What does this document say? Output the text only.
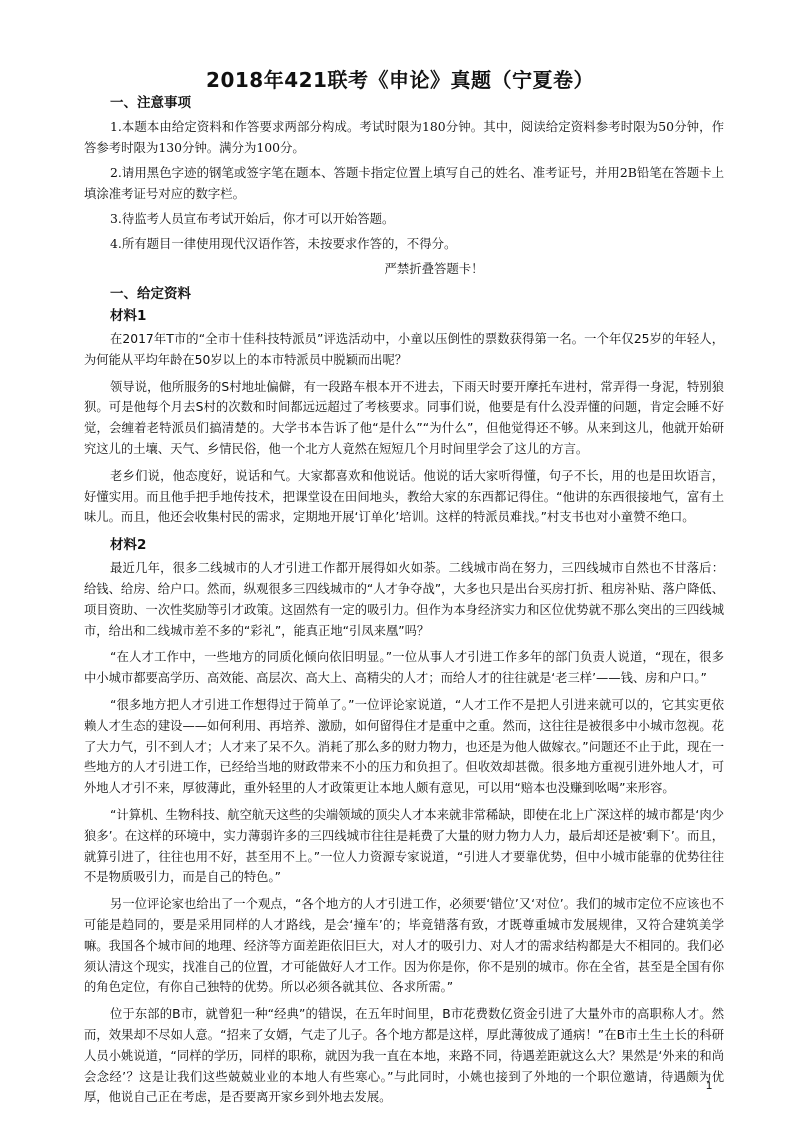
2018年421联考《申论》真题（宁夏卷）
一、注意事项

1.本题本由给定资料和作答要求两部分构成。考试时限为180分钟。其中，阅读给定资料参考时限为50分钟，作答参考时限为130分钟。满分为100分。

2.请用黑色字迹的钢笔或签字笔在题本、答题卡指定位置上填写自己的姓名、准考证号，并用2B铅笔在答题卡上填涂准考证号对应的数字栏。

3.待监考人员宣布考试开始后，你才可以开始答题。

4.所有题目一律使用现代汉语作答，未按要求作答的，不得分。

严禁折叠答题卡！

一、给定资料
材料1

在2017年T市的“全市十佳科技特派员”评选活动中，小童以压倒性的票数获得第一名。一个年仅25岁的年轻人，为何能从平均年龄在50岁以上的本市特派员中脱颖而出呢？

领导说，他所服务的S村地址偏僻，有一段路车根本开不进去，下雨天时要开摩托车进村，常弄得一身泥，特别狼狈。可是他每个月去S村的次数和时间都远远超过了考核要求。同事们说，他要是有什么没弄懂的问题，肯定会睡不好觉，会缠着老特派员们搞清楚的。大学书本告诉了他“是什么”“为什么”，但他觉得还不够。从来到这儿，他就开始研究这儿的土壤、天气、乡情民俗，他一个北方人竟然在短短几个月时间里学会了这儿的方言。

老乡们说，他态度好，说话和气。大家都喜欢和他说话。他说的话大家听得懂，句子不长，用的也是田坎语言，好懂实用。而且他手把手地传技术，把课堂设在田间地头，教给大家的东西都记得住。“他讲的东西很接地气，富有土味儿。而且，他还会收集村民的需求，定期地开展‘订单化’培训。这样的特派员难找。”村支书也对小童赞不绝口。

材料2

最近几年，很多二线城市的人才引进工作都开展得如火如荼。二线城市尚在努力，三四线城市自然也不甘落后：给钱、给房、给户口。然而，纵观很多三四线城市的“人才争夺战”，大多也只是出台买房打折、租房补贴、落户降低、项目资助、一次性奖励等引才政策。这固然有一定的吸引力。但作为本身经济实力和区位优势就不那么突出的三四线城市，给出和二线城市差不多的“彩礼”，能真正地“引凤来凰”吗？

“在人才工作中，一些地方的同质化倾向依旧明显。”一位从事人才引进工作多年的部门负责人说道，“现在，很多中小城市都要高学历、高效能、高层次、高大上、高精尖的人才；而给人才的往往就是‘老三样’——钱、房和户口。”

“很多地方把人才引进工作想得过于简单了。”一位评论家说道，“人才工作不是把人引进来就可以的，它其实更依赖人才生态的建设——如何利用、再培养、激励，如何留得住才是重中之重。然而，这往往是被很多中小城市忽视。花了大力气，引不到人才；人才来了呆不久。消耗了那么多的财力物力，也还是为他人做嫁衣。”问题还不止于此，现在一些地方的人才引进工作，已经给当地的财政带来不小的压力和负担了。但收效却甚微。很多地方重视引进外地人才，可外地人才引不来，厚彼薄此，重外轻里的人才政策更让本地人颇有意见，可以用“赔本也没赚到吆喝”来形容。

“计算机、生物科技、航空航天这些的尖端领域的顶尖人才本来就非常稀缺，即使在北上广深这样的城市都是‘肉少狼多’。在这样的环境中，实力薄弱许多的三四线城市往往是耗费了大量的财力物力人力，最后却还是被‘剩下’。而且，就算引进了，往往也用不好，甚至用不上。”一位人力资源专家说道，“引进人才要靠优势，但中小城市能靠的优势往往不是物质吸引力，而是自己的特色。”

另一位评论家也给出了一个观点，“各个地方的人才引进工作，必须要‘错位’又‘对位’。我们的城市定位不应该也不可能是趋同的，要是采用同样的人才路线，是会‘撞车’的；毕竟错落有致，才既尊重城市发展规律，又符合建筑美学嘛。我国各个城市间的地理、经济等方面差距依旧巨大，对人才的吸引力、对人才的需求结构都是大不相同的。我们必须认清这个现实，找准自己的位置，才可能做好人才工作。因为你是你，你不是别的城市。你在全省，甚至是全国有你的角色定位，有你自己独特的优势。所以必须各就其位、各求所需。”

位于东部的B市，就曾犯一种“经典”的错误，在五年时间里，B市花费数亿资金引进了大量外市的高职称人才。然而，效果却不尽如人意。“招来了女婿，气走了儿子。各个地方都是这样，厚此薄彼成了通病！”在B市土生土长的科研人员小姚说道，“同样的学历，同样的职称，就因为我一直在本地，来路不同，待遇差距就这么大？果然是‘外来的和尚会念经’？这是让我们这些兢兢业业的本地人有些寒心。”与此同时，小姚也接到了外地的一个职位邀请，待遇颇为优厚，他说自己正在考虑，是否要离开家乡到外地去发展。

1
